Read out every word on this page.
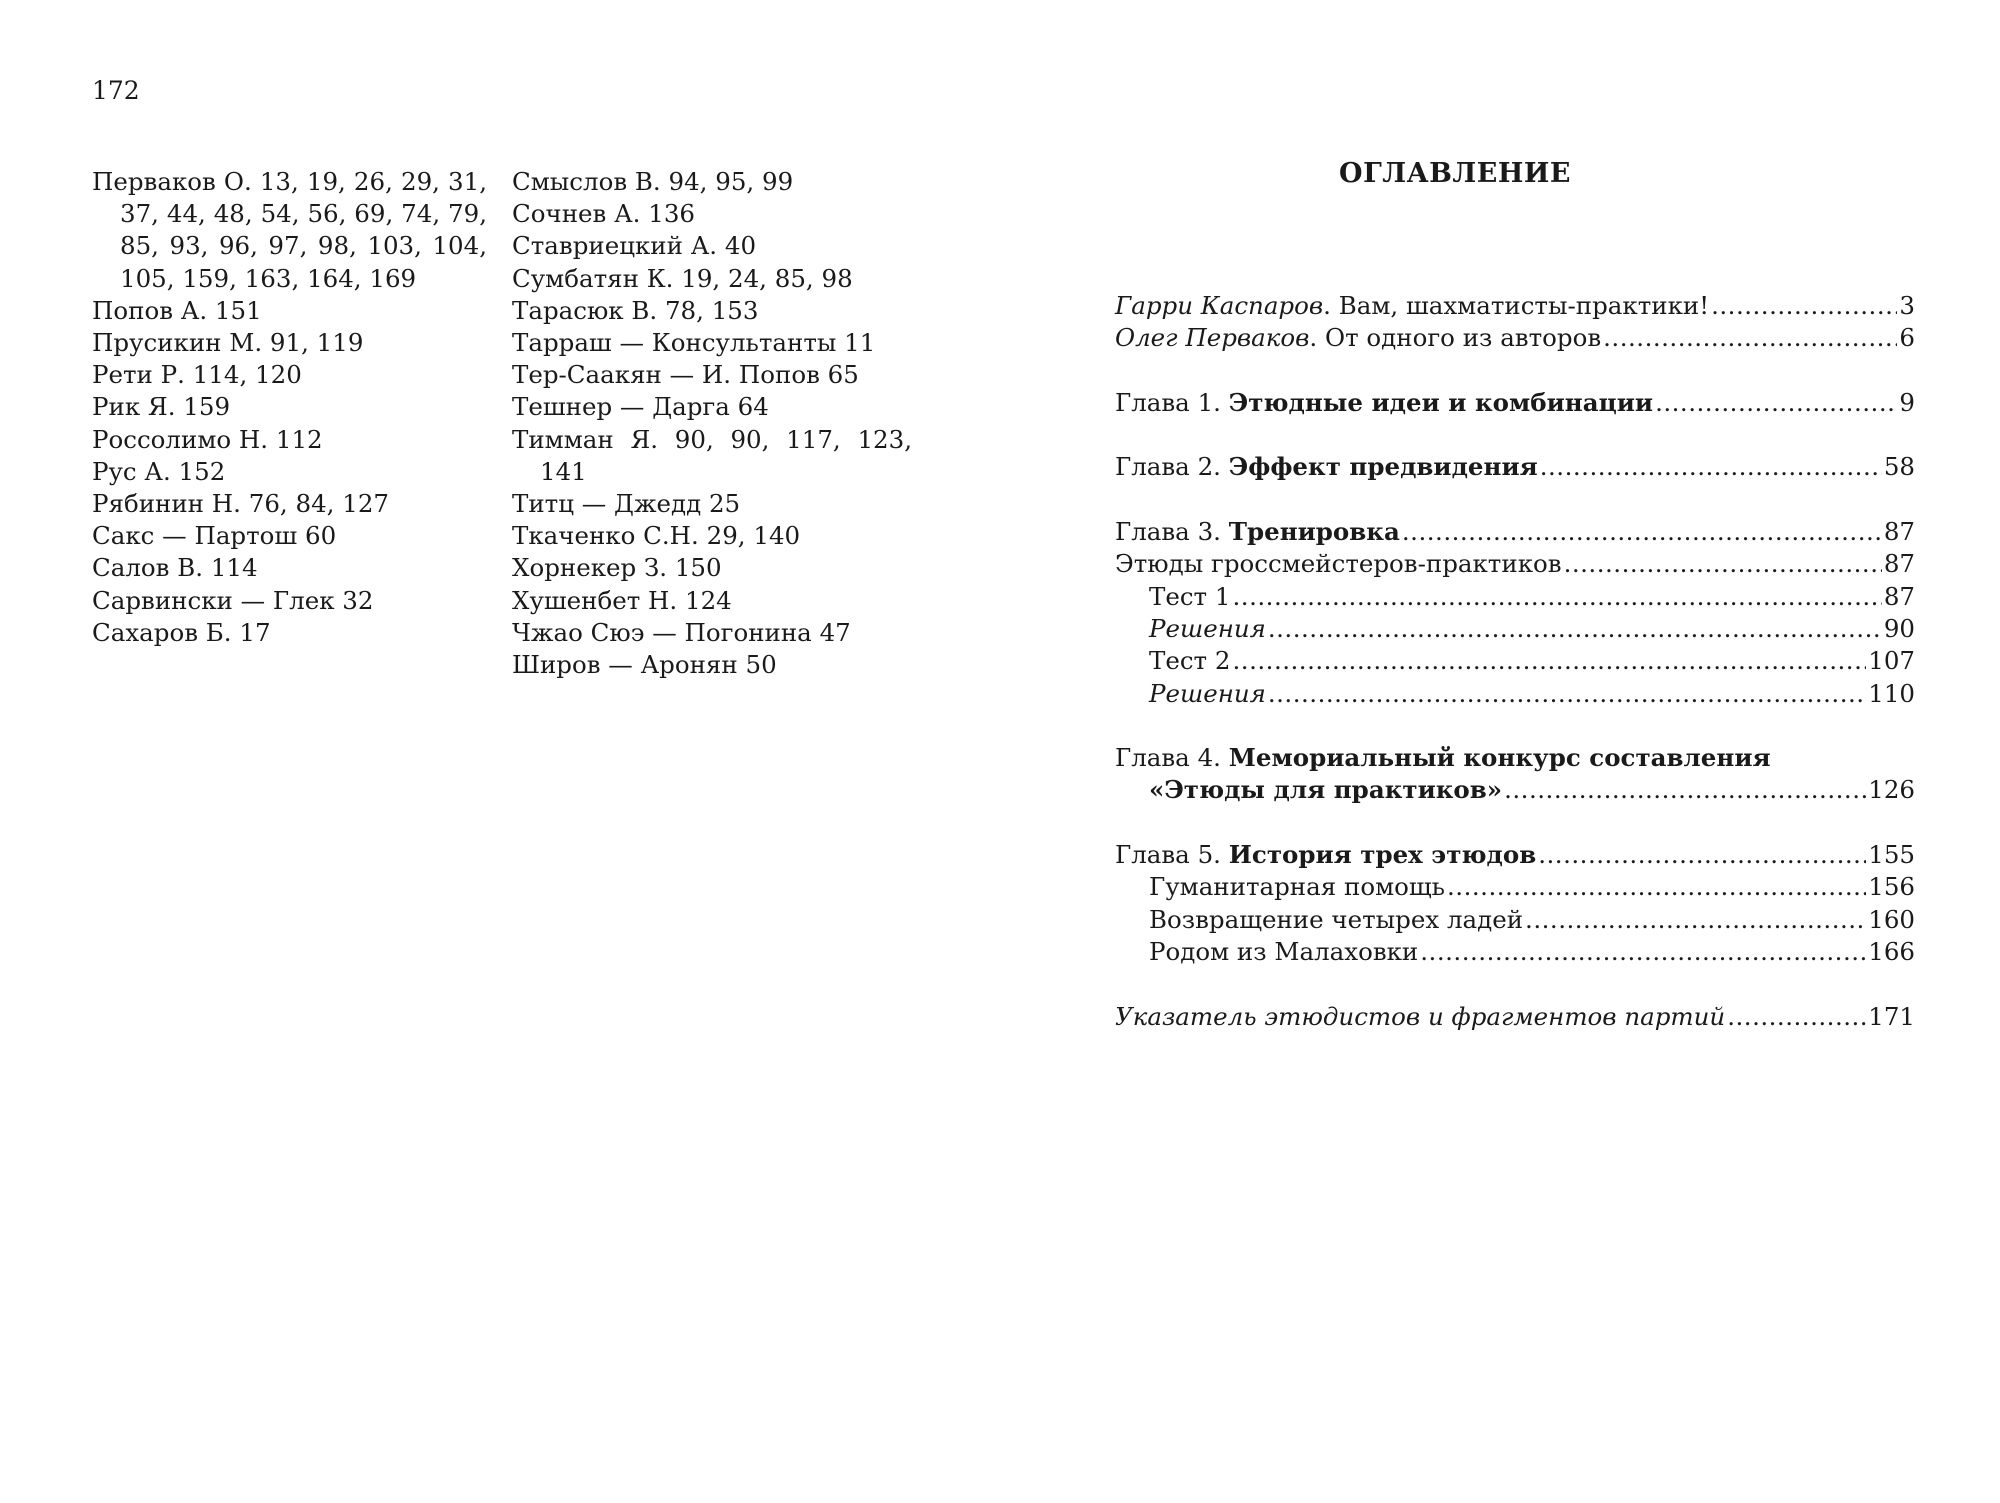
172
Перваков О. 13, 19, 26, 29, 31, 37, 44, 48, 54, 56, 69, 74, 79, 85, 93, 96, 97, 98, 103, 104, 105, 159, 163, 164, 169
Попов А. 151
Прусикин М. 91, 119
Рети Р. 114, 120
Рик Я. 159
Россолимо Н. 112
Рус А. 152
Рябинин Н. 76, 84, 127
Сакс — Партош 60
Салов В. 114
Сарвински — Глек 32
Сахаров Б. 17
Смыслов В. 94, 95, 99
Сочнев А. 136
Ставриецкий А. 40
Сумбатян К. 19, 24, 85, 98
Тарасюк В. 78, 153
Тарраш — Консультанты 11
Тер-Саакян — И. Попов 65
Тешнер — Дарга 64
Тимман Я. 90, 90, 117, 123, 141
Титц — Джедд 25
Ткаченко С.Н. 29, 140
Хорнекер З. 150
Хушенбет Н. 124
Чжао Сюэ — Погонина 47
Широв — Аронян 50
ОГЛАВЛЕНИЕ
Гарри Каспаров . Вам, шахматисты-практики! .....	3
Олег Перваков . От одного из авторов .....	6
Глава 1. Этюдные идеи и комбинации .....	9
Глава 2. Эффект предвидения .....	58
Глава 3. Тренировка .....	87
Этюды гроссмейстеров-практиков .....	87
Тест 1 .....	87
Решения .....	90
Тест 2 .....	107
Решения .....	110
Глава 4. Мемориальный конкурс составления
«Этюды для практиков» .....	126
Глава 5. История трех этюдов .....	155
Гуманитарная помощь .....	156
Возвращение четырех ладей .....	160
Родом из Малаховки .....	166
Указатель этюдистов и фрагментов партий .....	171
